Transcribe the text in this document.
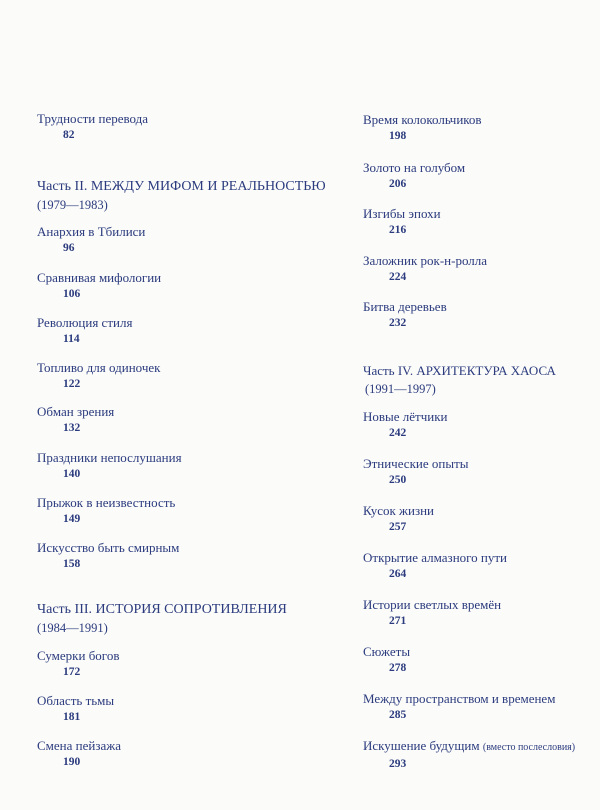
Трудности перевода
82
Часть II. МЕЖДУ МИФОМ И РЕАЛЬНОСТЬЮ
(1979—1983)
Анархия в Тбилиси
96
Сравнивая мифологии
106
Революция стиля
114
Топливо для одиночек
122
Обман зрения
132
Праздники непослушания
140
Прыжок в неизвестность
149
Искусство быть смирным
158
Часть III. ИСТОРИЯ СОПРОТИВЛЕНИЯ
(1984—1991)
Сумерки богов
172
Область тьмы
181
Смена пейзажа
190
Время колокольчиков
198
Золото на голубом
206
Изгибы эпохи
216
Заложник рок-н-ролла
224
Битва деревьев
232
Часть IV. АРХИТЕКТУРА ХАОСА
(1991—1997)
Новые лётчики
242
Этнические опыты
250
Кусок жизни
257
Открытие алмазного пути
264
Истории светлых времён
271
Сюжеты
278
Между пространством и временем
285
Искушение будущим (вместо послесловия)
293
